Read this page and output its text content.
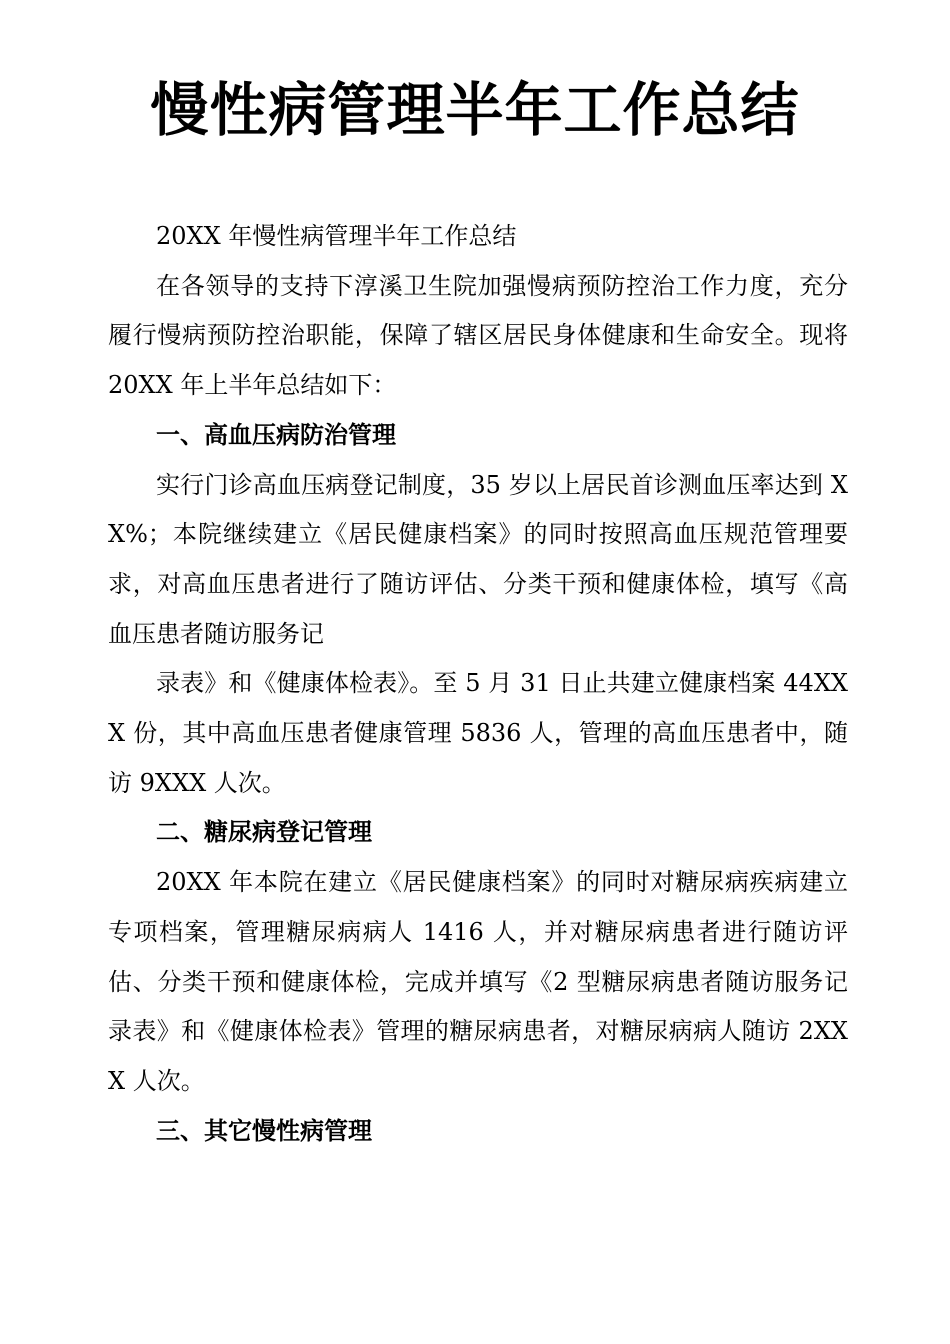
慢性病管理半年工作总结

20XX 年慢性病管理半年工作总结

在各领导的支持下淳溪卫生院加强慢病预防控治工作力度，充分履行慢病预防控治职能，保障了辖区居民身体健康和生命安全。现将 20XX 年上半年总结如下：

一、高血压病防治管理

实行门诊高血压病登记制度，35 岁以上居民首诊测血压率达到 XX%；本院继续建立《居民健康档案》的同时按照高血压规范管理要求，对高血压患者进行了随访评估、分类干预和健康体检，填写《高血压患者随访服务记

录表》和《健康体检表》。至 5 月 31 日止共建立健康档案 44XXX 份，其中高血压患者健康管理 5836 人，管理的高血压患者中，随访 9XXX 人次。

二、糖尿病登记管理

20XX 年本院在建立《居民健康档案》的同时对糖尿病疾病建立专项档案，管理糖尿病病人 1416 人，并对糖尿病患者进行随访评估、分类干预和健康体检，完成并填写《2 型糖尿病患者随访服务记录表》和《健康体检表》管理的糖尿病患者，对糖尿病病人随访 2XXX 人次。

三、其它慢性病管理
